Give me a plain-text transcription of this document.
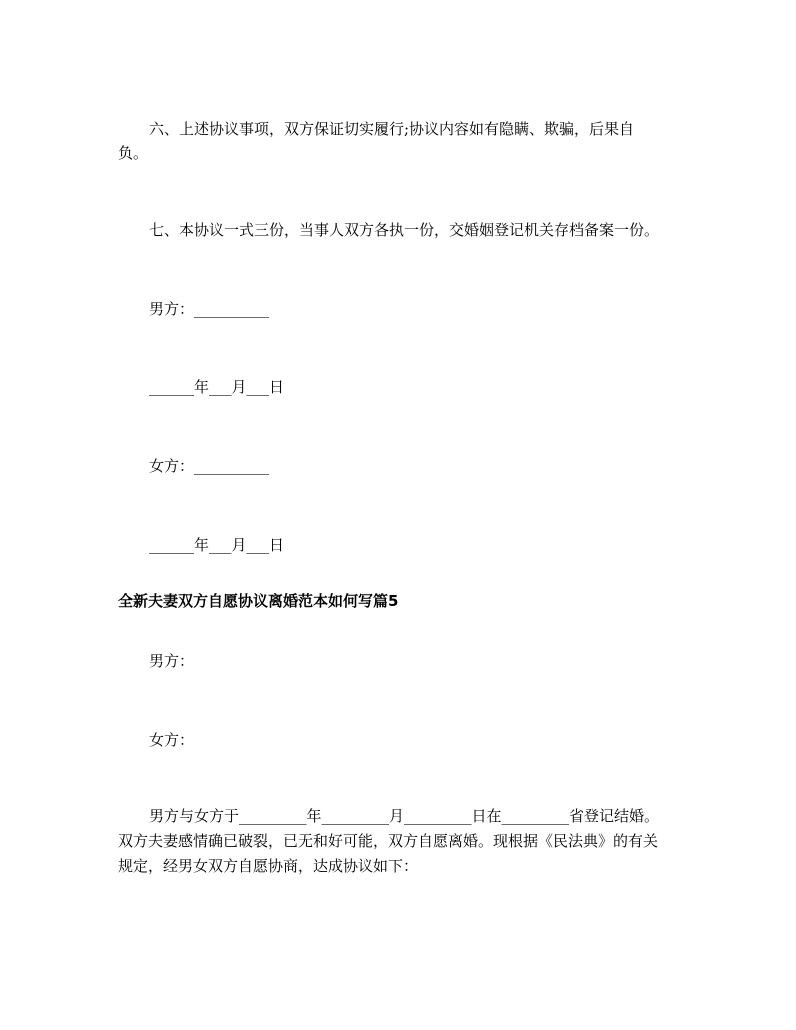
六、上述协议事项，双方保证切实履行;协议内容如有隐瞒、欺骗，后果自
负。
七、本协议一式三份，当事人双方各执一份，交婚姻登记机关存档备案一份。
男方：__________
______年___月___日
女方：__________
______年___月___日
全新夫妻双方自愿协议离婚范本如何写篇5
男方：
女方：
男方与女方于_________年_________月_________日在_________省登记结婚。
双方夫妻感情确已破裂，已无和好可能，双方自愿离婚。现根据《民法典》的有关
规定，经男女双方自愿协商，达成协议如下：
